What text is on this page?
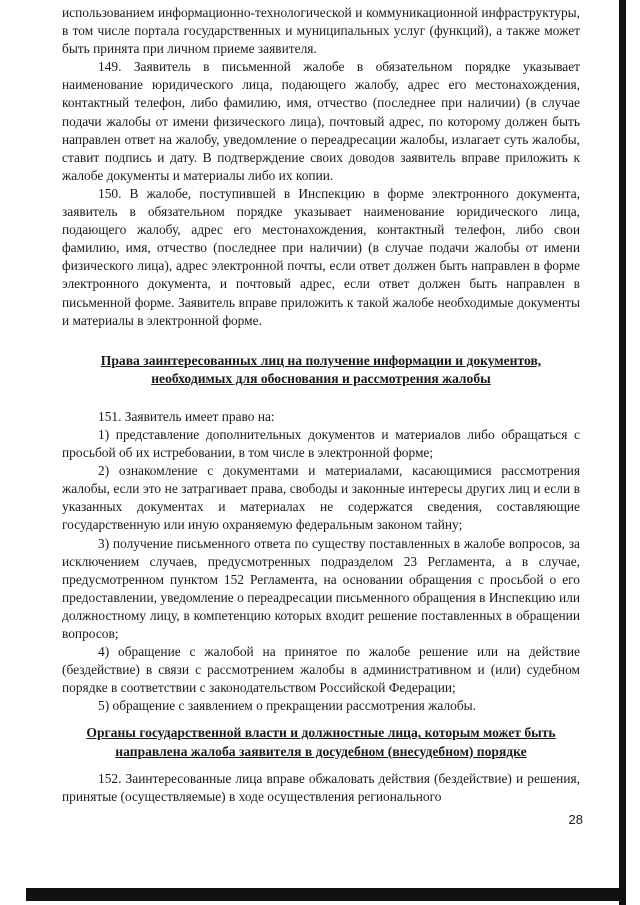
использованием информационно-технологической и коммуникационной инфраструктуры, в том числе портала государственных и муниципальных услуг (функций), а также может быть принята при личном приеме заявителя.

149. Заявитель в письменной жалобе в обязательном порядке указывает наименование юридического лица, подающего жалобу, адрес его местонахождения, контактный телефон, либо фамилию, имя, отчество (последнее при наличии) (в случае подачи жалобы от имени физического лица), почтовый адрес, по которому должен быть направлен ответ на жалобу, уведомление о переадресации жалобы, излагает суть жалобы, ставит подпись и дату. В подтверждение своих доводов заявитель вправе приложить к жалобе документы и материалы либо их копии.

150. В жалобе, поступившей в Инспекцию в форме электронного документа, заявитель в обязательном порядке указывает наименование юридического лица, подающего жалобу, адрес его местонахождения, контактный телефон, либо свои фамилию, имя, отчество (последнее при наличии) (в случае подачи жалобы от имени физического лица), адрес электронной почты, если ответ должен быть направлен в форме электронного документа, и почтовый адрес, если ответ должен быть направлен в письменной форме. Заявитель вправе приложить к такой жалобе необходимые документы и материалы в электронной форме.

Права заинтересованных лиц на получение информации и документов, необходимых для обоснования и рассмотрения жалобы

151. Заявитель имеет право на:

1) представление дополнительных документов и материалов либо обращаться с просьбой об их истребовании, в том числе в электронной форме;

2) ознакомление с документами и материалами, касающимися рассмотрения жалобы, если это не затрагивает права, свободы и законные интересы других лиц и если в указанных документах и материалах не содержатся сведения, составляющие государственную или иную охраняемую федеральным законом тайну;

3) получение письменного ответа по существу поставленных в жалобе вопросов, за исключением случаев, предусмотренных подразделом 23 Регламента, а в случае, предусмотренном пунктом 152 Регламента, на основании обращения с просьбой о его предоставлении, уведомление о переадресации письменного обращения в Инспекцию или должностному лицу, в компетенцию которых входит решение поставленных в обращении вопросов;

4) обращение с жалобой на принятое по жалобе решение или на действие (бездействие) в связи с рассмотрением жалобы в административном и (или) судебном порядке в соответствии с законодательством Российской Федерации;

5) обращение с заявлением о прекращении рассмотрения жалобы.

Органы государственной власти и должностные лица, которым может быть направлена жалоба заявителя в досудебном (внесудебном) порядке

152. Заинтересованные лица вправе обжаловать действия (бездействие) и решения, принятые (осуществляемые) в ходе осуществления регионального

28
